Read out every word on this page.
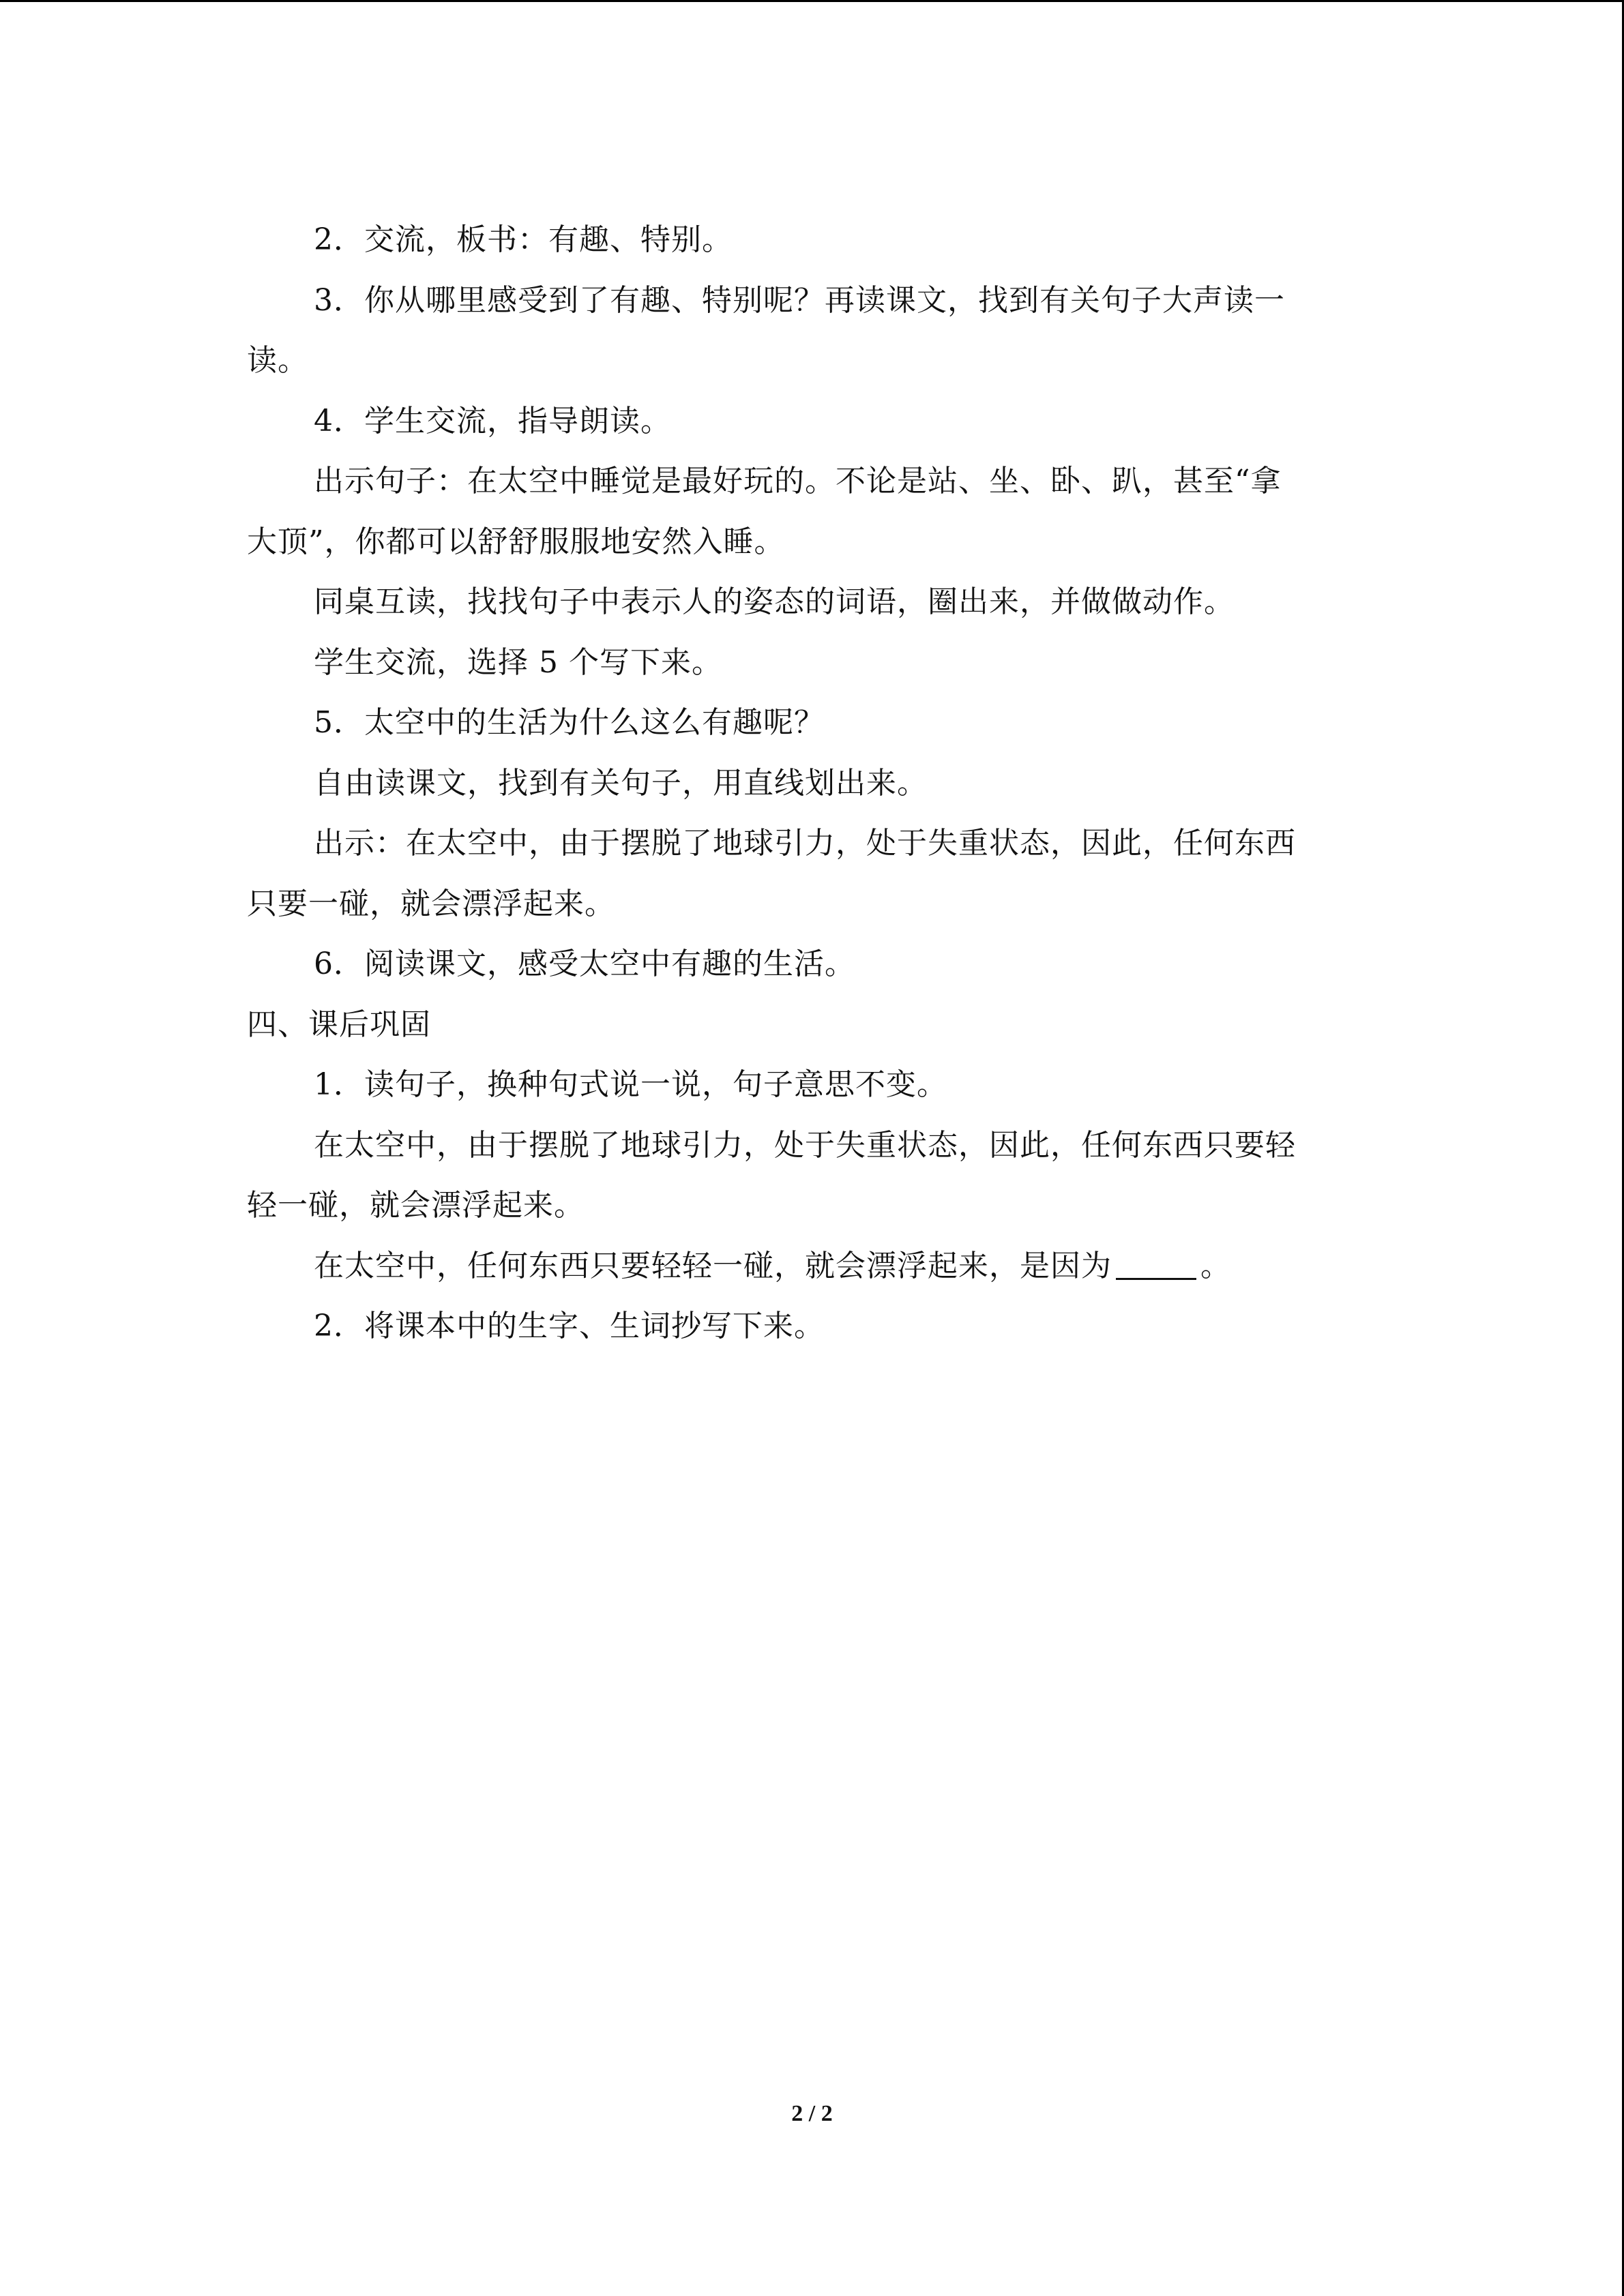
2．交流，板书：有趣、特别。
3．你从哪里感受到了有趣、特别呢？再读课文，找到有关句子大声读一
读。
4．学生交流，指导朗读。
出示句子：在太空中睡觉是最好玩的。不论是站、坐、卧、趴，甚至“拿
大顶”，你都可以舒舒服服地安然入睡。
同桌互读，找找句子中表示人的姿态的词语，圈出来，并做做动作。
学生交流，选择 5 个写下来。
5．太空中的生活为什么这么有趣呢？
自由读课文，找到有关句子，用直线划出来。
出示：在太空中，由于摆脱了地球引力，处于失重状态，因此，任何东西
只要一碰，就会漂浮起来。
6．阅读课文，感受太空中有趣的生活。
四、课后巩固
1．读句子，换种句式说一说，句子意思不变。
在太空中，由于摆脱了地球引力，处于失重状态，因此，任何东西只要轻
轻一碰，就会漂浮起来。
在太空中，任何东西只要轻轻一碰，就会漂浮起来，是因为	。
2．将课本中的生字、生词抄写下来。
2 / 2
